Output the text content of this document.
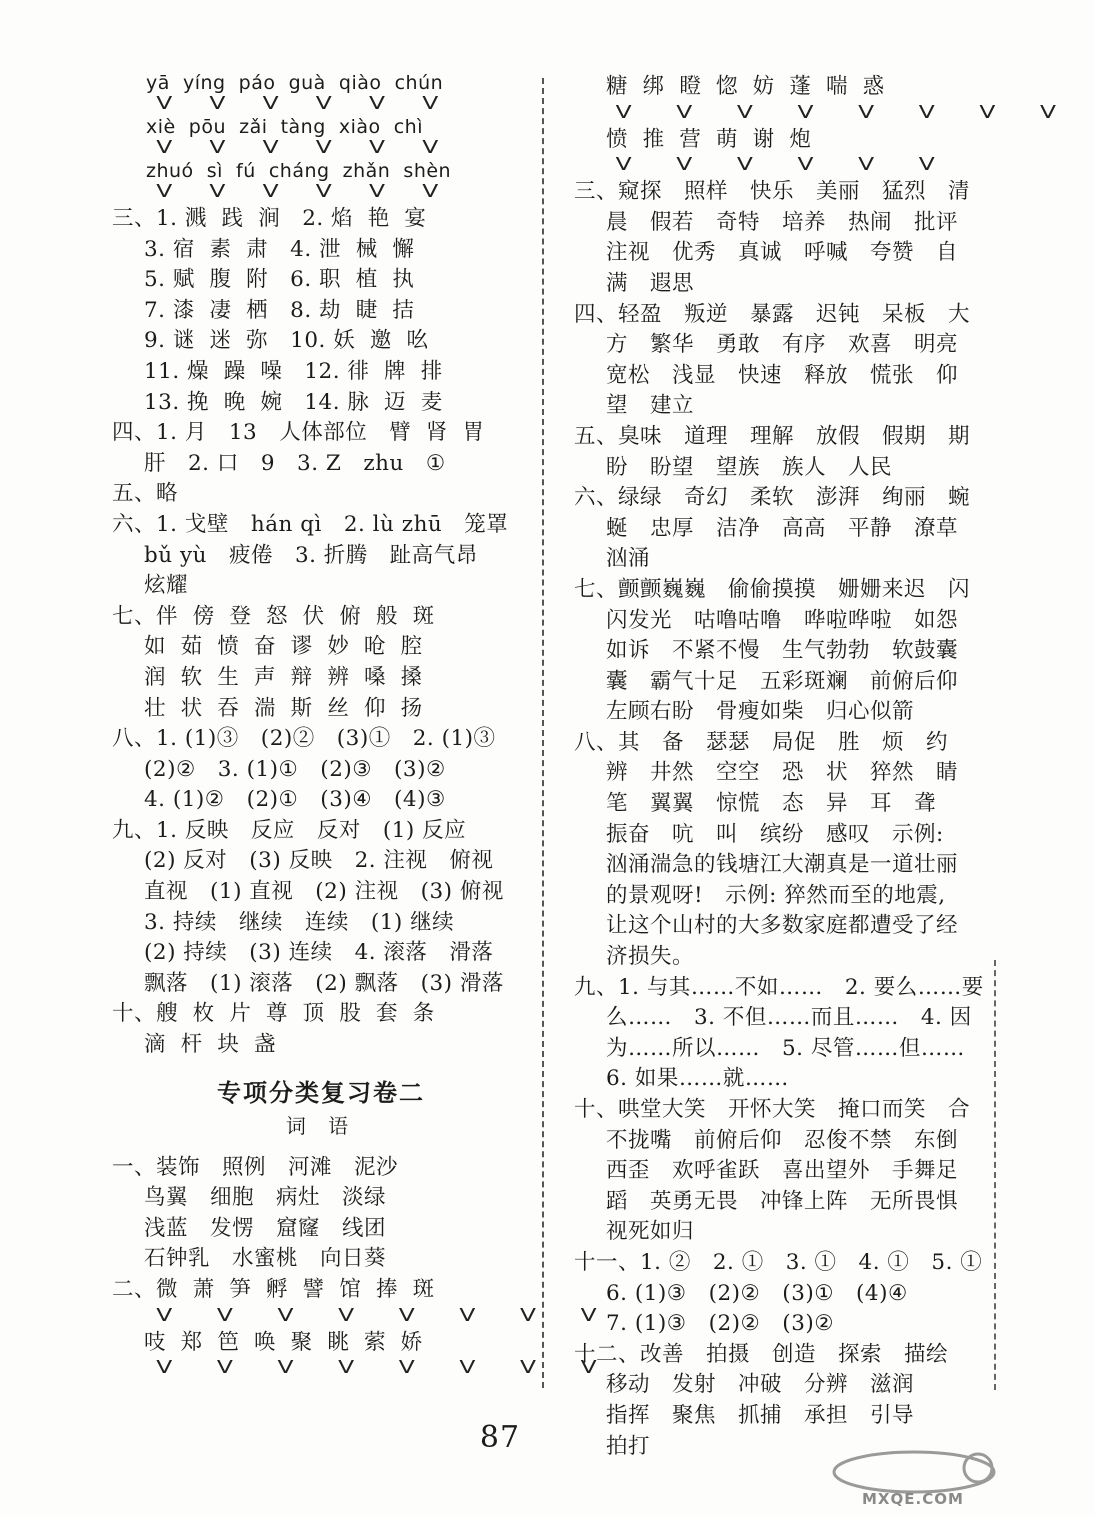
yā  yíng  páo  guà  qiào  chún
V     V     V     V     V     V
xiè  pōu  zǎi  tàng  xiào  chì
V     V     V     V     V     V
zhuó  sì  fú  cháng  zhǎn  shèn
V     V     V     V     V     V
三、1. 溅  践  涧   2. 焰  艳  宴
3. 宿  素  肃   4. 泄  械  懈
5. 赋  腹  附   6. 职  植  执
7. 漆  凄  栖   8. 劫  睫  拮
9. 谜  迷  弥   10. 妖  邀  吆
11. 燥  躁  噪   12. 徘  牌  排
13. 挽  晚  婉   14. 脉  迈  麦
四、1. 月   13   人体部位   臂  肾  胃
肝   2. 口   9   3. Z   zhu   ①
五、略
六、1. 戈壁   hán qì   2. lù zhū   笼罩
bǔ yù   疲倦   3. 折腾   趾高气昂
炫耀
七、伴  傍  登  怒  伏  俯  般  斑
如  茹  愤  奋  谬  妙  呛  腔
润  软  生  声  辩  辨  嗓  搡
壮  状  吞  湍  斯  丝  仰  扬
八、1. (1)③   (2)②   (3)①   2. (1)③
(2)②   3. (1)①   (2)③   (3)②
4. (1)②   (2)①   (3)④   (4)③
九、1. 反映   反应   反对   (1) 反应
(2) 反对   (3) 反映   2. 注视   俯视
直视   (1) 直视   (2) 注视   (3) 俯视
3. 持续   继续   连续   (1) 继续
(2) 持续   (3) 连续   4. 滚落   滑落
飘落   (1) 滚落   (2) 飘落   (3) 滑落
十、艘  枚  片  尊  顶  股  套  条
滴  杆  块  盏
专项分类复习卷二
词 语
一、装饰   照例   河滩   泥沙
鸟翼   细胞   病灶   淡绿
浅蓝   发愣   窟窿   线团
石钟乳   水蜜桃   向日葵
二、微  萧  笋  孵  譬  馆  捧  斑
V      V      V      V      V      V      V      V
吱  郑  笆  唤  聚  眺  萦  娇
V      V      V      V      V      V      V      V
糖  绑  瞪  惚  妨  蓬  喘  惑
V      V      V      V      V      V      V      V
愤  推  营  萌  谢  炮
V      V      V      V      V      V
三、窥探   照样   快乐   美丽   猛烈   清
晨   假若   奇特   培养   热闹   批评
注视   优秀   真诚   呼喊   夸赞   自
满   遐思
四、轻盈   叛逆   暴露   迟钝   呆板   大
方   繁华   勇敢   有序   欢喜   明亮
宽松   浅显   快速   释放   慌张   仰
望   建立
五、臭味   道理   理解   放假   假期   期
盼   盼望   望族   族人   人民
六、绿绿   奇幻   柔软   澎湃   绚丽   蜿
蜒   忠厚   洁净   高高   平静   潦草
汹涌
七、颤颤巍巍   偷偷摸摸   姗姗来迟   闪
闪发光   咕噜咕噜   哗啦哗啦   如怨
如诉   不紧不慢   生气勃勃   软鼓囊
囊   霸气十足   五彩斑斓   前俯后仰
左顾右盼   骨瘦如柴   归心似箭
八、其   备   瑟瑟   局促   胜   烦   约
辨   井然   空空   恐   状   猝然   睛
笔   翼翼   惊慌   态   异   耳   聋
振奋   吭   叫   缤纷   感叹   示例:
汹涌湍急的钱塘江大潮真是一道壮丽
的景观呀!   示例: 猝然而至的地震,
让这个山村的大多数家庭都遭受了经
济损失。
九、1. 与其……不如……   2. 要么……要
么……   3. 不但……而且……   4. 因
为……所以……   5. 尽管……但……
6. 如果……就……
十、哄堂大笑   开怀大笑   掩口而笑   合
不拢嘴   前俯后仰   忍俊不禁   东倒
西歪   欢呼雀跃   喜出望外   手舞足
蹈   英勇无畏   冲锋上阵   无所畏惧
视死如归
十一、1. ②   2. ①   3. ①   4. ①   5. ①
6. (1)③   (2)②   (3)①   (4)④
7. (1)③   (2)②   (3)②
十二、改善   拍摄   创造   探索   描绘
移动   发射   冲破   分辨   滋润
指挥   聚焦   抓捕   承担   引导
拍打
87
MXQE.COM
